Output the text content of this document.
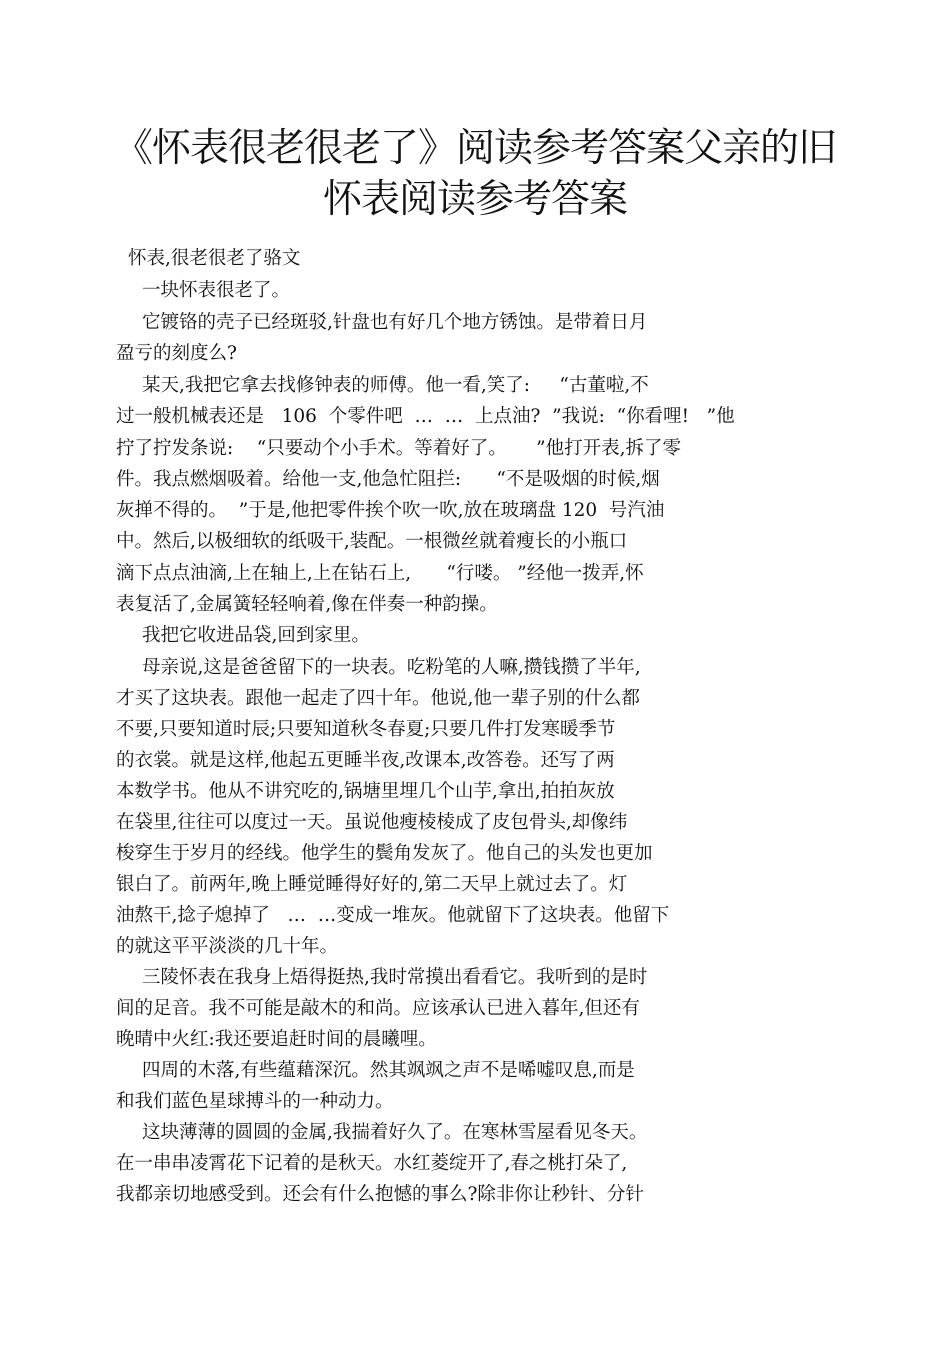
《怀表很老很老了》阅读参考答案父亲的旧
怀表阅读参考答案
怀表,很老很老了骆文
一块怀表很老了。
它镀铬的壳子已经斑驳,针盘也有好几个地方锈蚀。是带着日月
盈亏的刻度么?
某天,我把它拿去找修钟表的师傅。他一看,笑了:     “古董啦,不
过一般机械表还是   106  个零件吧  …  …  上点油?  ”我说:  “你看哩!   ”他
拧了拧发条说:    “只要动个小手术。等着好了。     ”他打开表,拆了零
件。我点燃烟吸着。给他一支,他急忙阻拦:      “不是吸烟的时候,烟
灰掸不得的。  ”于是,他把零件挨个吹一吹,放在玻璃盘 120  号汽油
中。然后,以极细软的纸吸干,装配。一根微丝就着瘦长的小瓶口
滴下点点油滴,上在轴上,上在钻石上,      “行喽。 ”经他一拨弄,怀
表复活了,金属簧轻轻响着,像在伴奏一种韵操。
我把它收进品袋,回到家里。
母亲说,这是爸爸留下的一块表。吃粉笔的人嘛,攒钱攒了半年,
才买了这块表。跟他一起走了四十年。他说,他一辈子别的什么都
不要,只要知道时辰;只要知道秋冬春夏;只要几件打发寒暖季节
的衣裳。就是这样,他起五更睡半夜,改课本,改答卷。还写了两
本数学书。他从不讲究吃的,锅塘里埋几个山芋,拿出,拍拍灰放
在袋里,往往可以度过一天。虽说他瘦棱棱成了皮包骨头,却像纬
梭穿生于岁月的经线。他学生的鬓角发灰了。他自己的头发也更加
银白了。前两年,晚上睡觉睡得好好的,第二天早上就过去了。灯
油熬干,捻子熄掉了   …  …变成一堆灰。他就留下了这块表。他留下
的就这平平淡淡的几十年。
三陵怀表在我身上焐得挺热,我时常摸出看看它。我听到的是时
间的足音。我不可能是敲木的和尚。应该承认已进入暮年,但还有
晚晴中火红:我还要追赶时间的晨曦哩。
四周的木落,有些蕴藉深沉。然其飒飒之声不是唏嘘叹息,而是
和我们蓝色星球搏斗的一种动力。
这块薄薄的圆圆的金属,我揣着好久了。在寒林雪屋看见冬天。
在一串串凌霄花下记着的是秋天。水红菱绽开了,春之桃打朵了,
我都亲切地感受到。还会有什么抱憾的事么?除非你让秒针、分针
